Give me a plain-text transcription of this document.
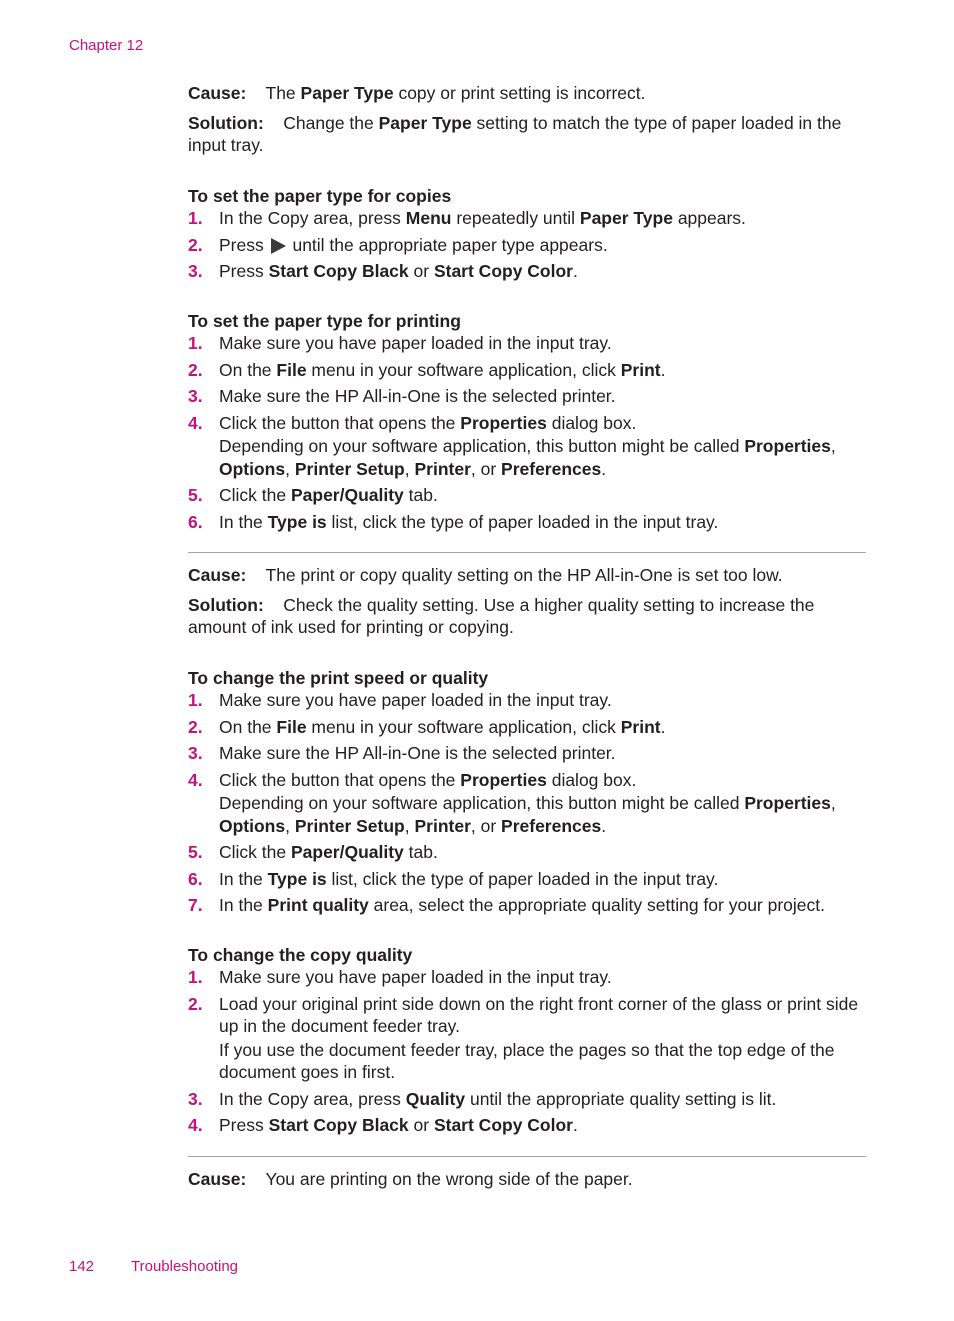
Chapter 12

Cause: The Paper Type copy or print setting is incorrect.

Solution: Change the Paper Type setting to match the type of paper loaded in the input tray.

To set the paper type for copies

1. In the Copy area, press Menu repeatedly until Paper Type appears.
2. Press  until the appropriate paper type appears.
3. Press Start Copy Black or Start Copy Color.

To set the paper type for printing

1. Make sure you have paper loaded in the input tray.
2. On the File menu in your software application, click Print.
3. Make sure the HP All-in-One is the selected printer.
4. Click the button that opens the Properties dialog box.
Depending on your software application, this button might be called Properties, Options, Printer Setup, Printer, or Preferences.
5. Click the Paper/Quality tab.
6. In the Type is list, click the type of paper loaded in the input tray.

Cause: The print or copy quality setting on the HP All-in-One is set too low.

Solution: Check the quality setting. Use a higher quality setting to increase the amount of ink used for printing or copying.

To change the print speed or quality

1. Make sure you have paper loaded in the input tray.
2. On the File menu in your software application, click Print.
3. Make sure the HP All-in-One is the selected printer.
4. Click the button that opens the Properties dialog box.
Depending on your software application, this button might be called Properties, Options, Printer Setup, Printer, or Preferences.
5. Click the Paper/Quality tab.
6. In the Type is list, click the type of paper loaded in the input tray.
7. In the Print quality area, select the appropriate quality setting for your project.

To change the copy quality

1. Make sure you have paper loaded in the input tray.
2. Load your original print side down on the right front corner of the glass or print side up in the document feeder tray.
If you use the document feeder tray, place the pages so that the top edge of the document goes in first.
3. In the Copy area, press Quality until the appropriate quality setting is lit.
4. Press Start Copy Black or Start Copy Color.

Cause: You are printing on the wrong side of the paper.

142 Troubleshooting
